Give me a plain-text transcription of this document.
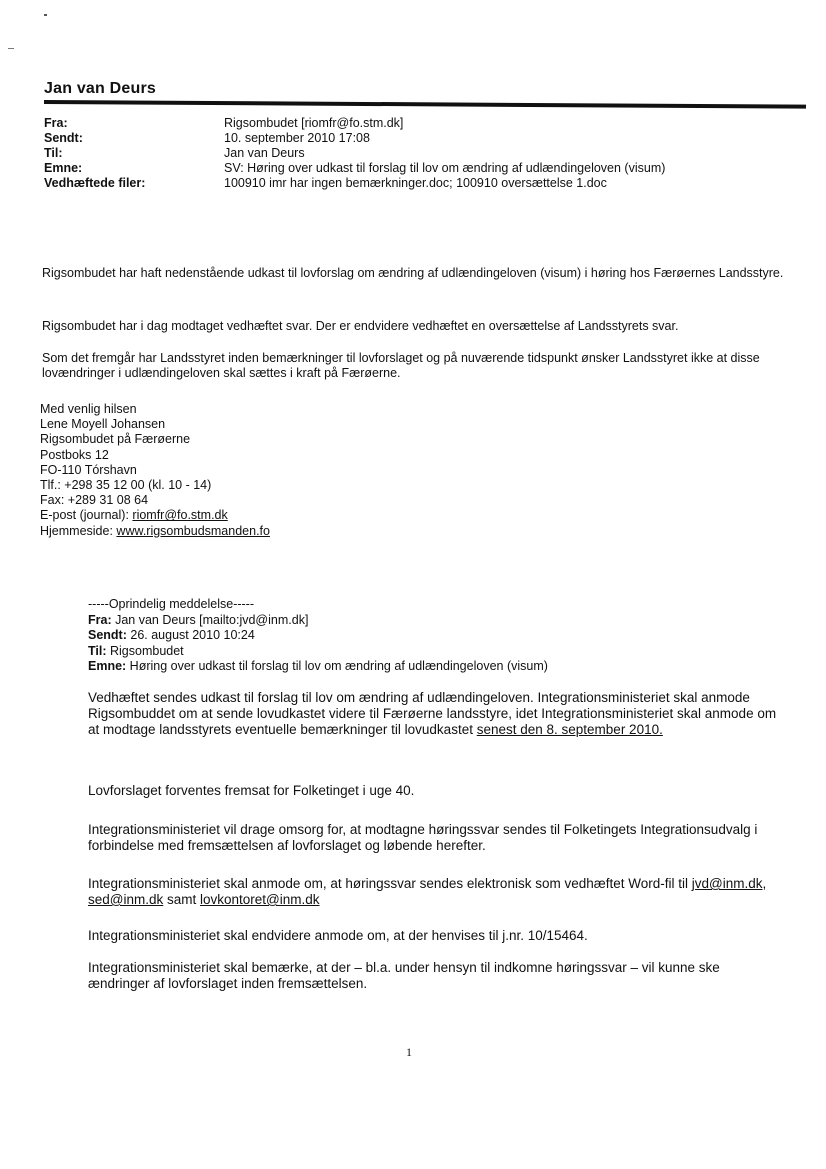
Jan van Deurs
Fra:	Rigsombudet [riomfr@fo.stm.dk]
Sendt:	10. september 2010 17:08
Til:	Jan van Deurs
Emne:	SV: Høring over udkast til forslag til lov om ændring af udlændingeloven (visum)
Vedhæftede filer:	100910 imr har ingen bemærkninger.doc; 100910 oversættelse 1.doc

Rigsombudet har haft nedenstående udkast til lovforslag om ændring af udlændingeloven (visum) i høring hos Færøernes Landsstyre.

Rigsombudet har i dag modtaget vedhæftet svar. Der er endvidere vedhæftet en oversættelse af Landsstyrets svar.

Som det fremgår har Landsstyret inden bemærkninger til lovforslaget og på nuværende tidspunkt ønsker Landsstyret ikke at disse lovændringer i udlændingeloven skal sættes i kraft på Færøerne.

Med venlig hilsen
Lene Moyell Johansen
Rigsombudet på Færøerne
Postboks 12
FO-110 Tórshavn
Tlf.: +298 35 12 00 (kl. 10 - 14)
Fax: +289 31 08 64
E-post (journal): riomfr@fo.stm.dk
Hjemmeside: www.rigsombudsmanden.fo
-----Oprindelig meddelelse-----
Fra: Jan van Deurs [mailto:jvd@inm.dk]
Sendt: 26. august 2010 10:24
Til: Rigsombudet
Emne: Høring over udkast til forslag til lov om ændring af udlændingeloven (visum)

Vedhæftet sendes udkast til forslag til lov om ændring af udlændingeloven. Integrationsministeriet skal anmode Rigsombuddet om at sende lovudkastet videre til Færøerne landsstyre, idet Integrationsministeriet skal anmode om at modtage landsstyrets eventuelle bemærkninger til lovudkastet senest den 8. september 2010.

Lovforslaget forventes fremsat for Folketinget i uge 40.

Integrationsministeriet vil drage omsorg for, at modtagne høringssvar sendes til Folketingets Integrationsudvalg i forbindelse med fremsættelsen af lovforslaget og løbende herefter.

Integrationsministeriet skal anmode om, at høringssvar sendes elektronisk som vedhæftet Word-fil til jvd@inm.dk, sed@inm.dk samt lovkontoret@inm.dk

Integrationsministeriet skal endvidere anmode om, at der henvises til j.nr. 10/15464.

Integrationsministeriet skal bemærke, at der – bl.a. under hensyn til indkomne høringssvar – vil kunne ske ændringer af lovforslaget inden fremsættelsen.

1
